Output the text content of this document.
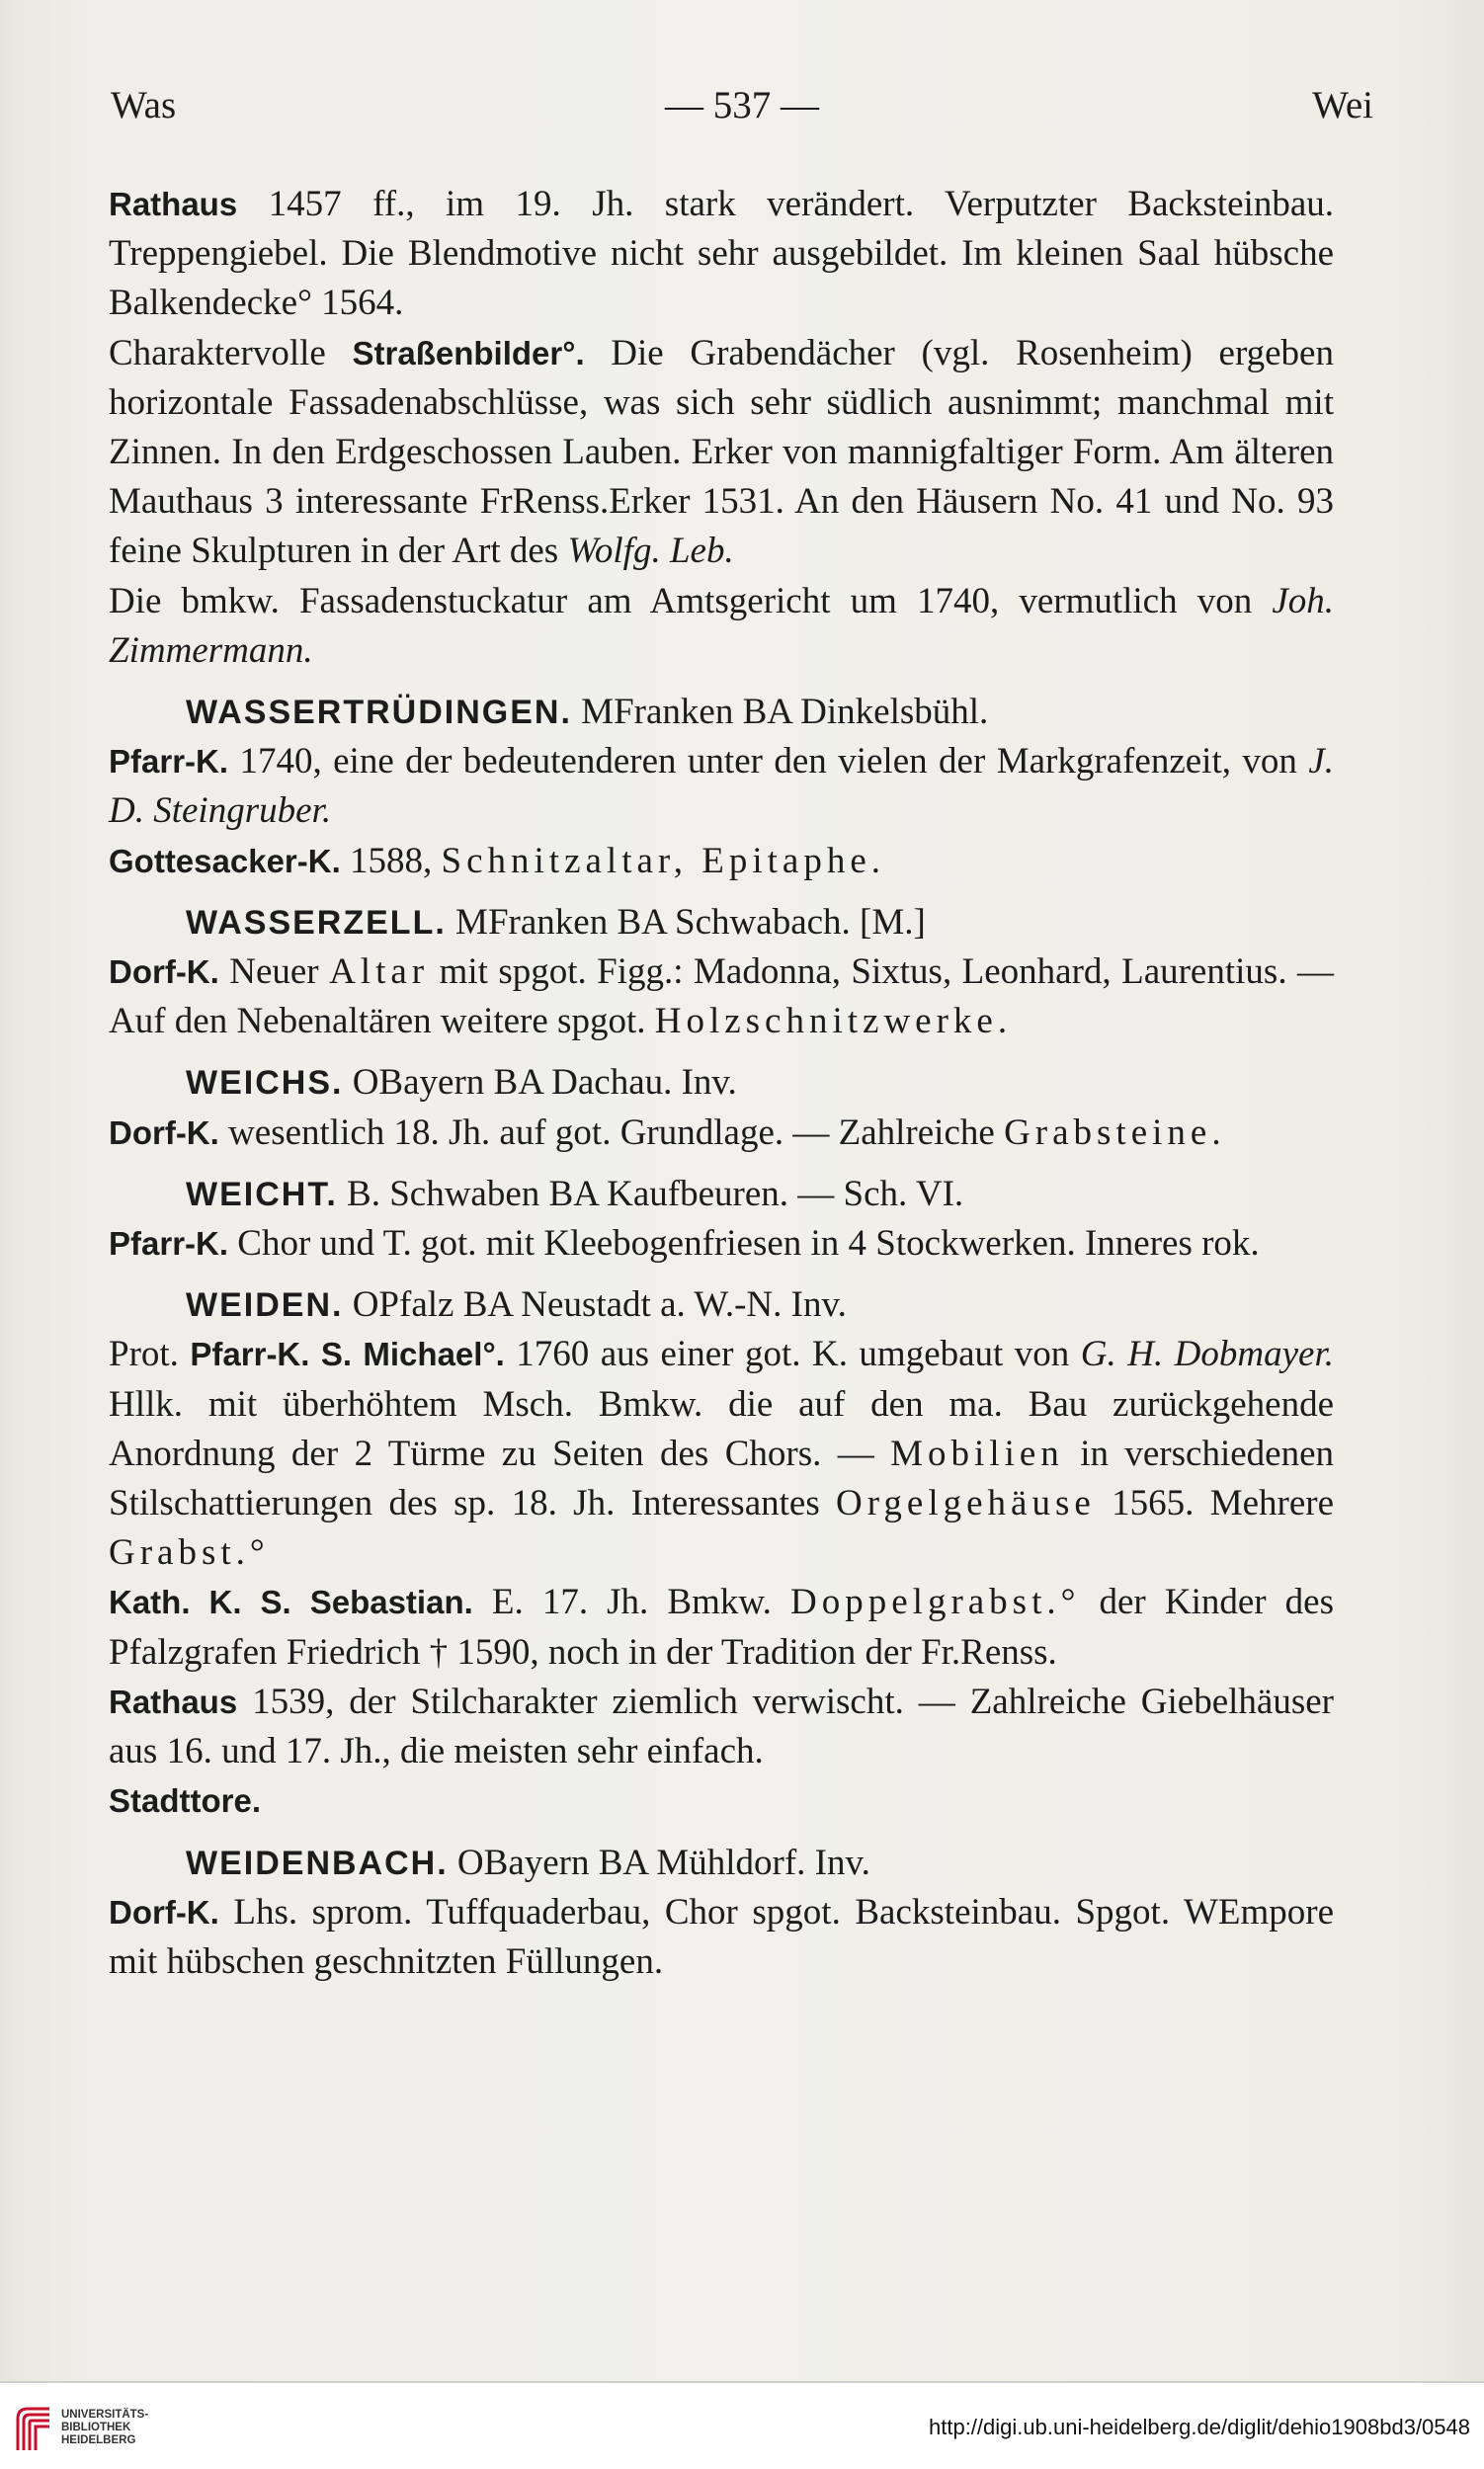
Was	— 537 —	Wei

Rathaus 1457 ff., im 19. Jh. stark verändert. Verputzter Backsteinbau. Treppengiebel. Die Blendmotive nicht sehr ausgebildet. Im kleinen Saal hübsche Balkendecke° 1564.

Charaktervolle Straßenbilder°. Die Grabendächer (vgl. Rosenheim) ergeben horizontale Fassadenabschlüsse, was sich sehr südlich ausnimmt; manchmal mit Zinnen. In den Erdgeschossen Lauben. Erker von mannigfaltiger Form. Am älteren Mauthaus 3 interessante FrRenss.Erker 1531. An den Häusern No. 41 und No. 93 feine Skulpturen in der Art des Wolfg. Leb.

Die bmkw. Fassadenstuckatur am Amtsgericht um 1740, vermutlich von Joh. Zimmermann.

WASSERTRÜDINGEN. MFranken BA Dinkelsbühl.

Pfarr-K. 1740, eine der bedeutenderen unter den vielen der Markgrafenzeit, von J. D. Steingruber.

Gottesacker-K. 1588, Schnitzaltar, Epitaphe.

WASSERZELL. MFranken BA Schwabach. [M.]

Dorf-K. Neuer Altar mit spgot. Figg.: Madonna, Sixtus, Leonhard, Laurentius. — Auf den Nebenaltären weitere spgot. Holzschnitzwerke.

WEICHS. OBayern BA Dachau. Inv.

Dorf-K. wesentlich 18. Jh. auf got. Grundlage. — Zahlreiche Grabsteine.

WEICHT. B. Schwaben BA Kaufbeuren. — Sch. VI.

Pfarr-K. Chor und T. got. mit Kleebogenfriesen in 4 Stockwerken. Inneres rok.

WEIDEN. OPfalz BA Neustadt a. W.-N. Inv.

Prot. Pfarr-K. S. Michael°. 1760 aus einer got. K. umgebaut von G. H. Dobmayer. Hllk. mit überhöhtem Msch. Bmkw. die auf den ma. Bau zurückgehende Anordnung der 2 Türme zu Seiten des Chors. — Mobilien in verschiedenen Stilschattierungen des sp. 18. Jh. Interessantes Orgelgehäuse 1565. Mehrere Grabst.°

Kath. K. S. Sebastian. E. 17. Jh. Bmkw. Doppelgrabst.° der Kinder des Pfalzgrafen Friedrich † 1590, noch in der Tradition der Fr.Renss.

Rathaus 1539, der Stilcharakter ziemlich verwischt. — Zahlreiche Giebelhäuser aus 16. und 17. Jh., die meisten sehr einfach.

Stadttore.

WEIDENBACH. OBayern BA Mühldorf. Inv.

Dorf-K. Lhs. sprom. Tuffquaderbau, Chor spgot. Backsteinbau. Spgot. WEmpore mit hübschen geschnitzten Füllungen.

UNIVERSITÄTS-
BIBLIOTHEK
HEIDELBERG
http://digi.ub.uni-heidelberg.de/diglit/dehio1908bd3/0548
